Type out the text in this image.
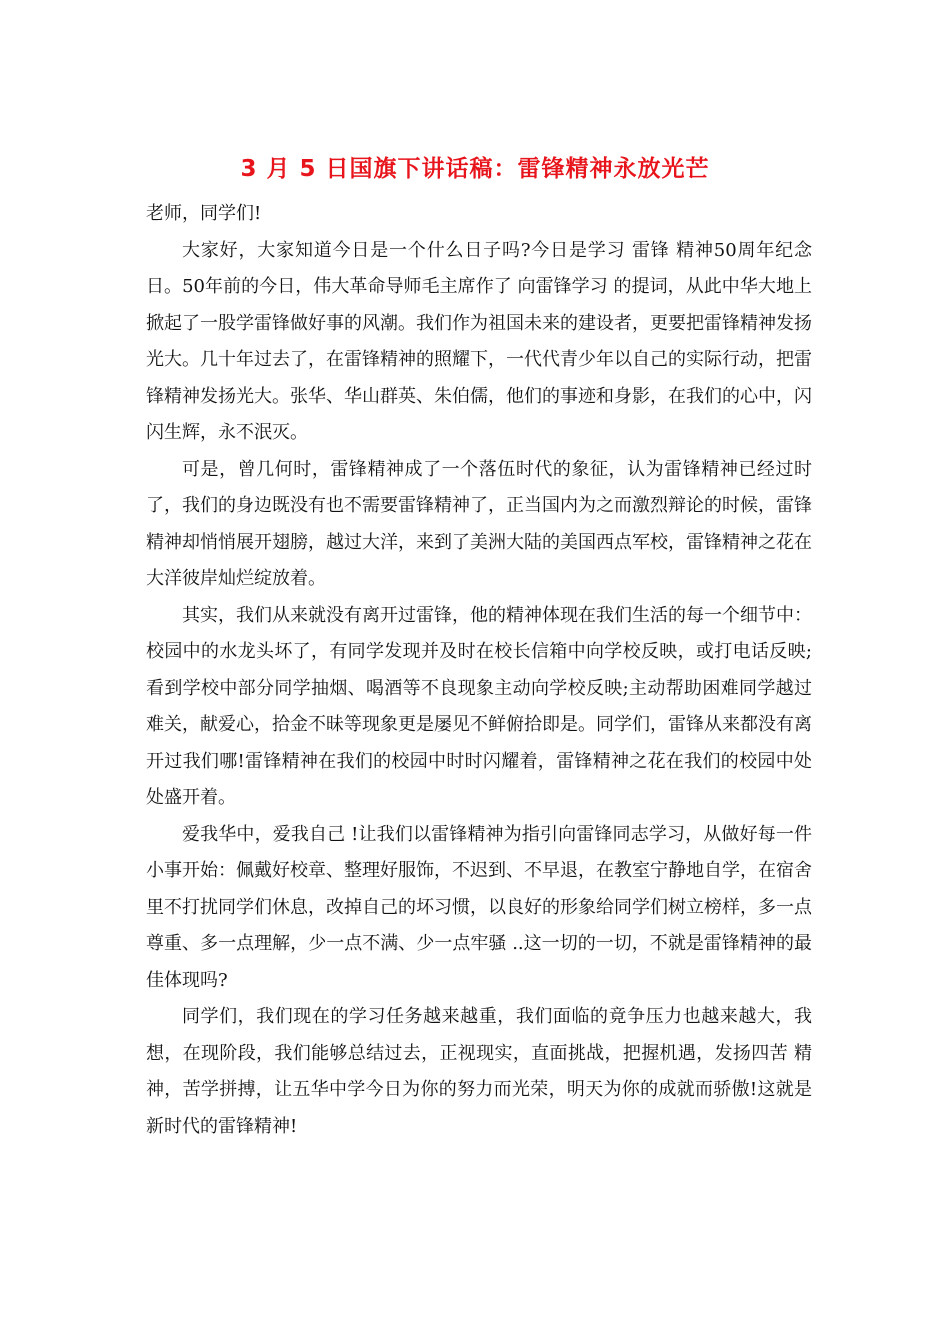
3 月 5 日国旗下讲话稿：雷锋精神永放光芒

老师，同学们!

大家好，大家知道今日是一个什么日子吗?今日是学习 雷锋 精神50周年纪念日。50年前的今日，伟大革命导师毛主席作了 向雷锋学习 的提词，从此中华大地上掀起了一股学雷锋做好事的风潮。我们作为祖国未来的建设者，更要把雷锋精神发扬光大。几十年过去了，在雷锋精神的照耀下，一代代青少年以自己的实际行动，把雷锋精神发扬光大。张华、华山群英、朱伯儒，他们的事迹和身影，在我们的心中，闪闪生辉，永不泯灭。

可是，曾几何时，雷锋精神成了一个落伍时代的象征，认为雷锋精神已经过时了，我们的身边既没有也不需要雷锋精神了，正当国内为之而激烈辩论的时候，雷锋精神却悄悄展开翅膀，越过大洋，来到了美洲大陆的美国西点军校，雷锋精神之花在大洋彼岸灿烂绽放着。

其实，我们从来就没有离开过雷锋，他的精神体现在我们生活的每一个细节中：校园中的水龙头坏了，有同学发现并及时在校长信箱中向学校反映，或打电话反映;看到学校中部分同学抽烟、喝酒等不良现象主动向学校反映;主动帮助困难同学越过难关，献爱心，拾金不昧等现象更是屡见不鲜俯拾即是。同学们，雷锋从来都没有离开过我们哪!雷锋精神在我们的校园中时时闪耀着，雷锋精神之花在我们的校园中处处盛开着。

爱我华中，爱我自己 !让我们以雷锋精神为指引向雷锋同志学习，从做好每一件小事开始：佩戴好校章、整理好服饰，不迟到、不早退，在教室宁静地自学，在宿舍里不打扰同学们休息，改掉自己的坏习惯，以良好的形象给同学们树立榜样，多一点尊重、多一点理解，少一点不满、少一点牢骚 ..这一切的一切，不就是雷锋精神的最佳体现吗?

同学们，我们现在的学习任务越来越重，我们面临的竟争压力也越来越大，我想，在现阶段，我们能够总结过去，正视现实，直面挑战，把握机遇，发扬四苦 精神，苦学拼搏，让五华中学今日为你的努力而光荣，明天为你的成就而骄傲!这就是新时代的雷锋精神!
